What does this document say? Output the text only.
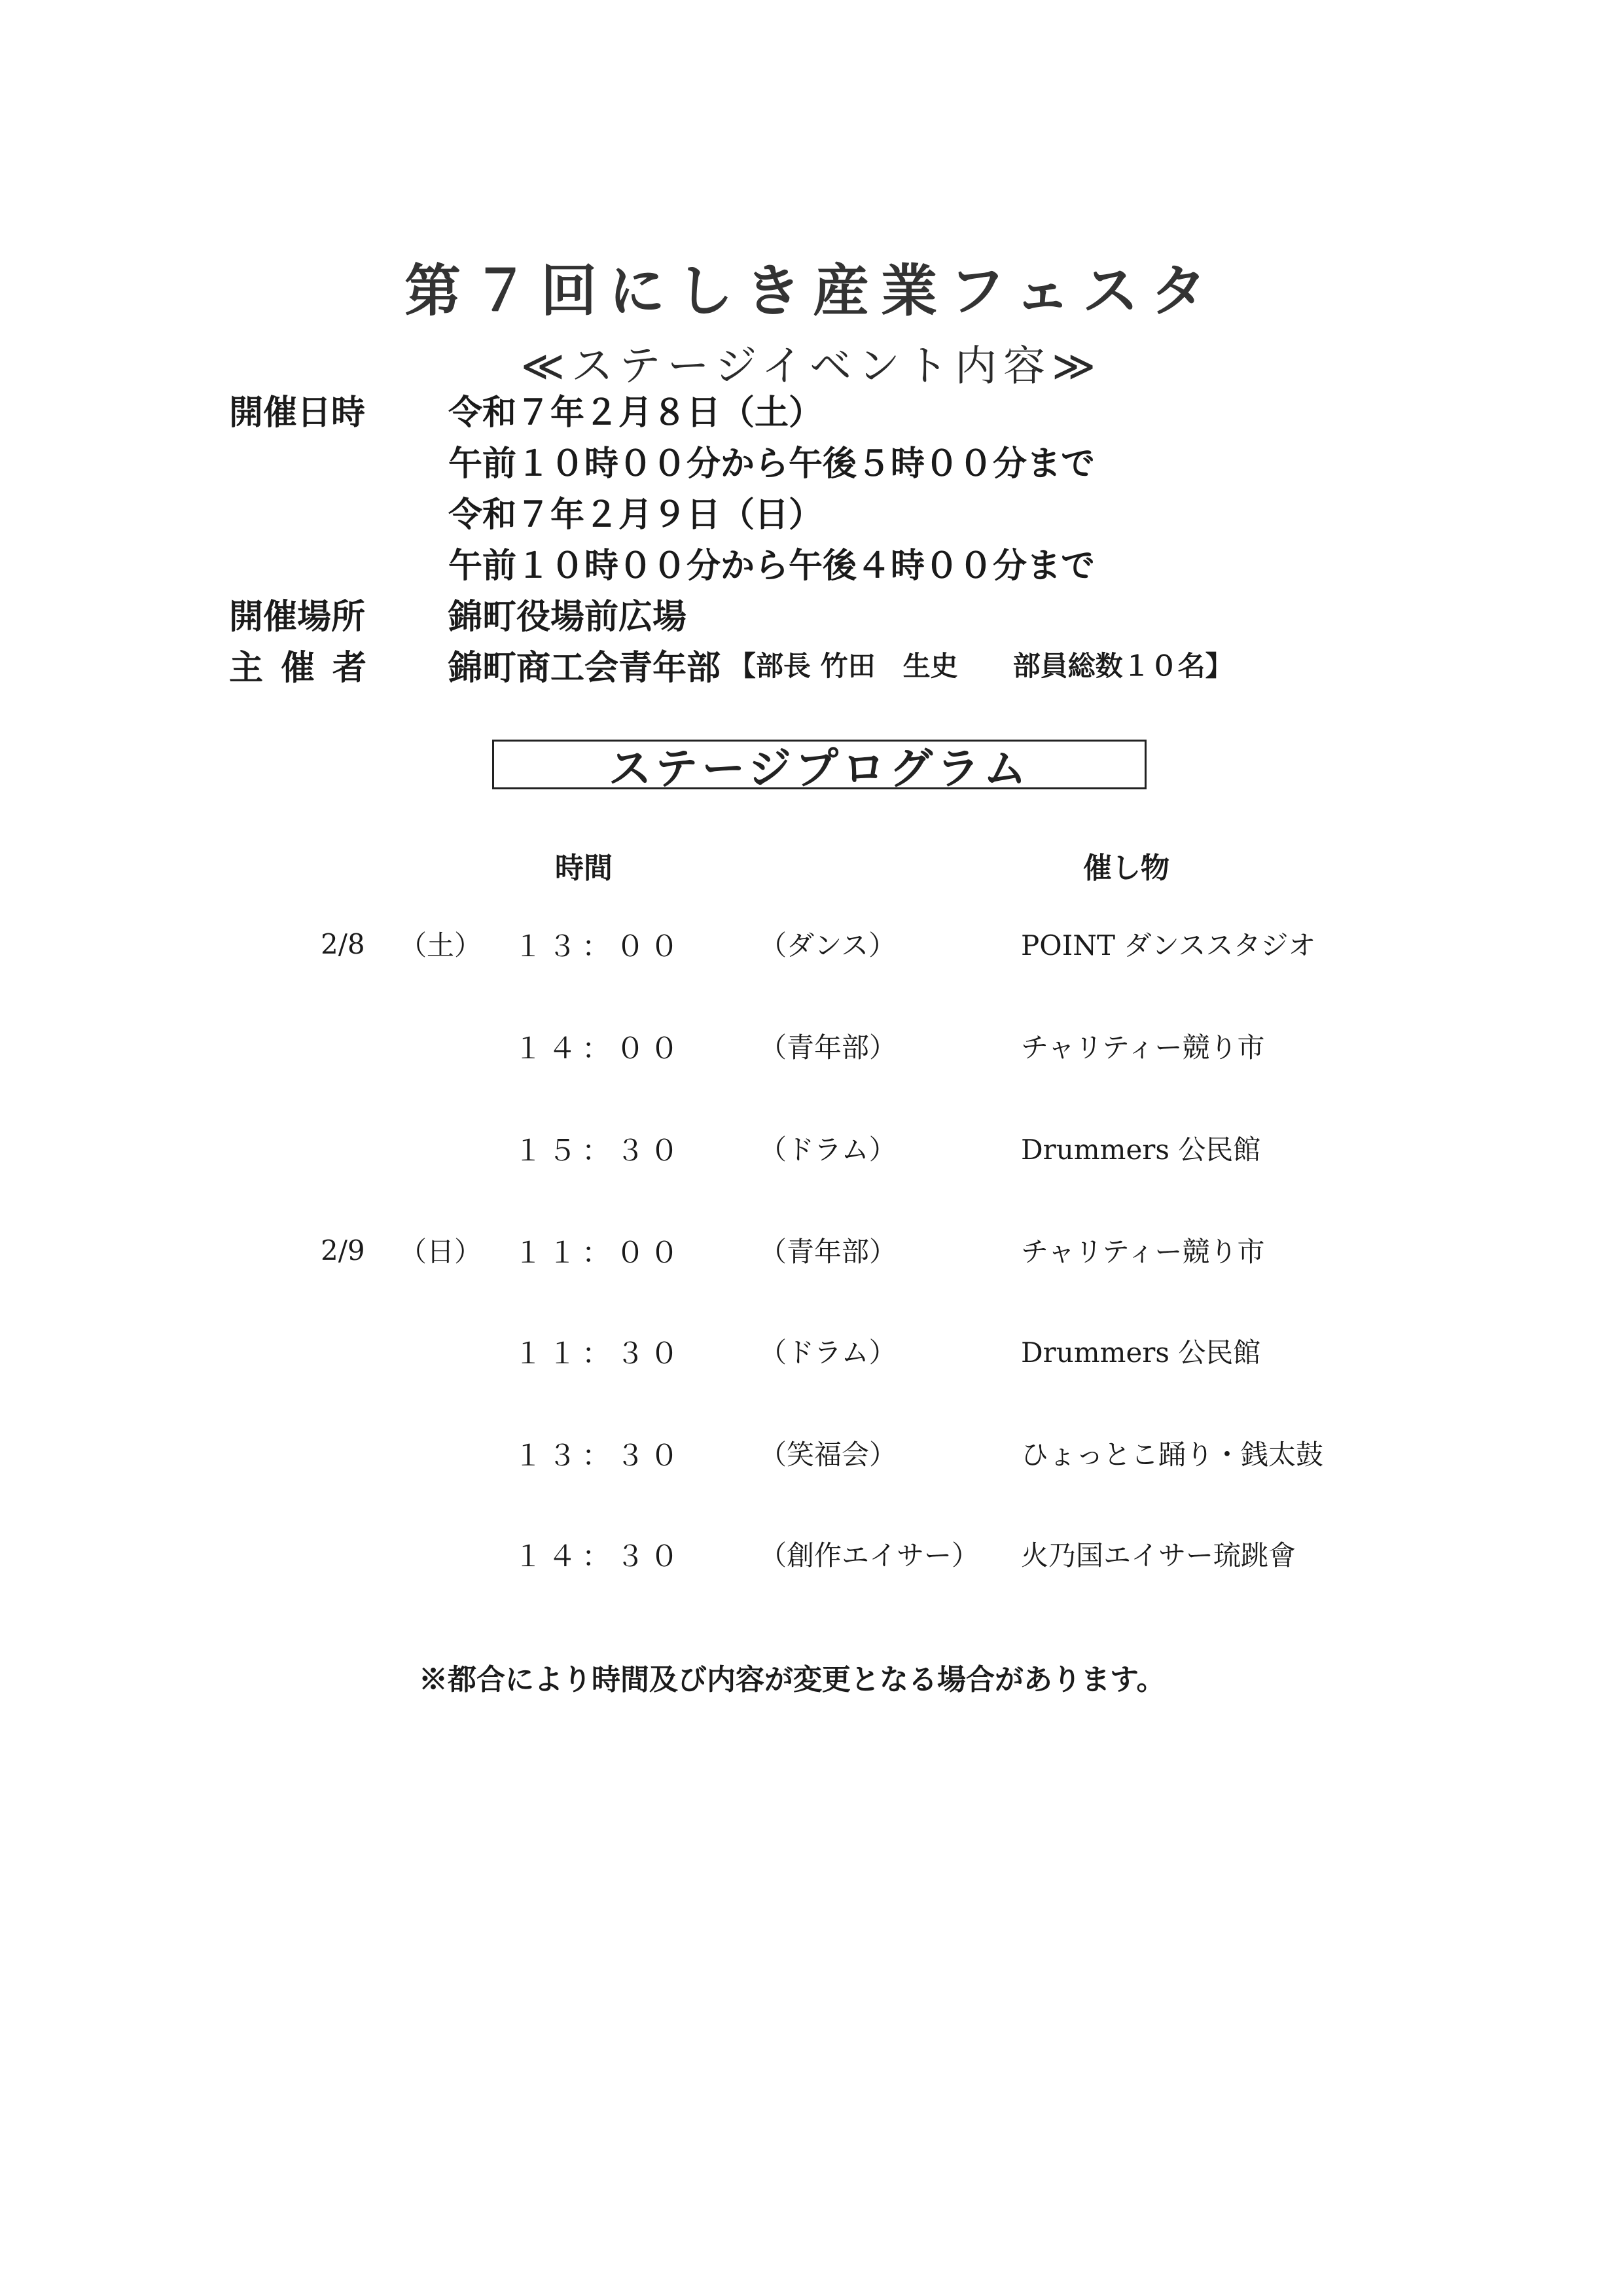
第７回にしき産業フェスタ
≪ステージイベント内容≫
開催日時	令和７年２月８日（土）
午前１０時００分から午後５時００分まで
令和７年２月９日（日）
午前１０時００分から午後４時００分まで
開催場所	錦町役場前広場
主催者	錦町商工会青年部 【部長 竹田　生史　　部員総数１０名】
ステージプログラム
時間	催し物
2/8 （土） １３：００	（ダンス）	POINT ダンススタジオ
１４：００	（青年部）	チャリティー競り市
１５：３０	（ドラム）	Drummers 公民館
2/9 （日） １１：００	（青年部）	チャリティー競り市
１１：３０	（ドラム）	Drummers 公民館
１３：３０	（笑福会）	ひょっとこ踊り・銭太鼓
１４：３０	（創作エイサー） 火乃国エイサー琉跳會
※都合により時間及び内容が変更となる場合があります。
